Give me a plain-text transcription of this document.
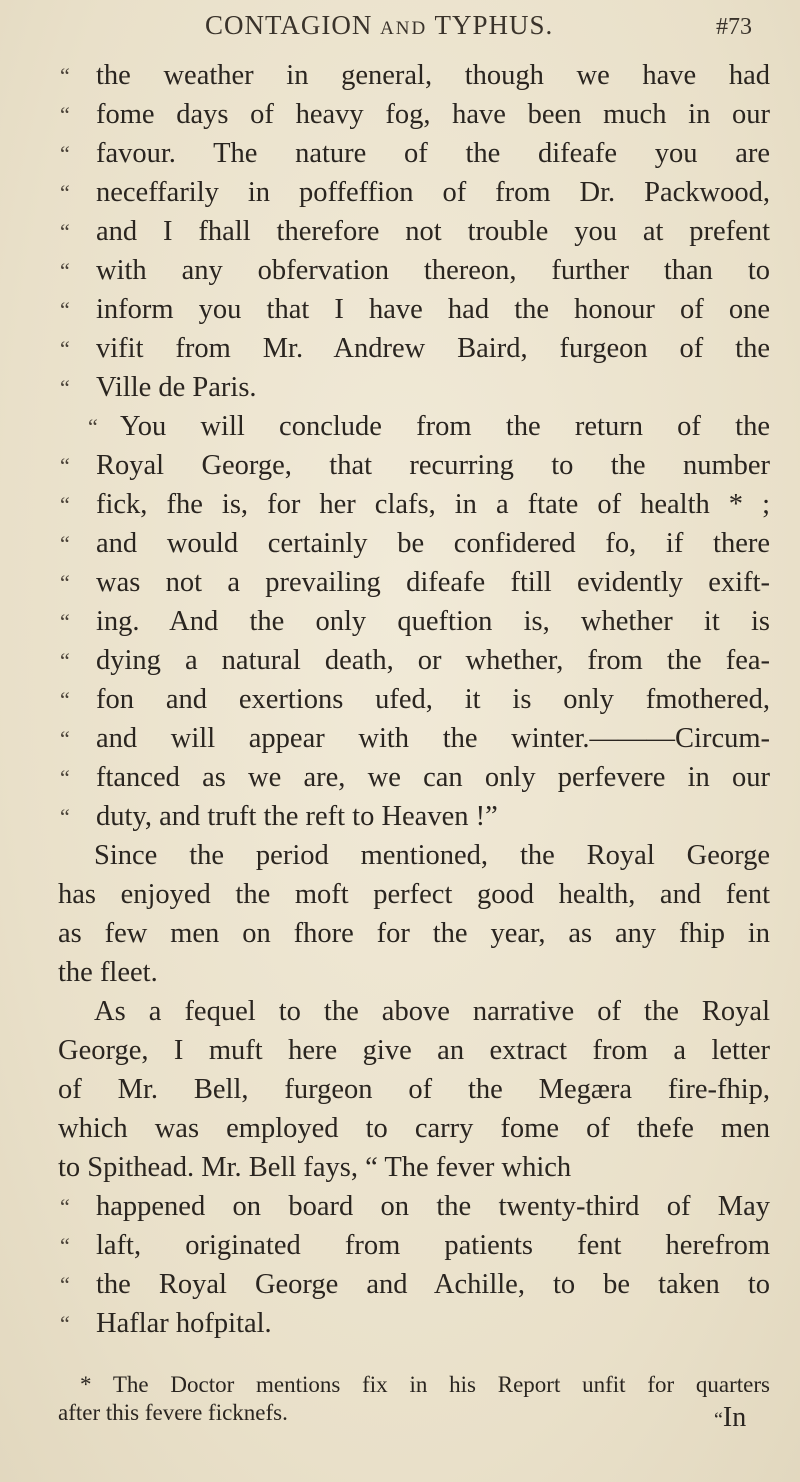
CONTAGION AND TYPHUS.	#73
“ the weather in general, though we have had
“ fome days of heavy fog, have been much in our
“ favour. The nature of the difeafe you are
“ neceffarily in poffeffion of from Dr. Packwood,
“ and I fhall therefore not trouble you at prefent
“ with any obfervation thereon, further than to
“ inform you that I have had the honour of one
“ vifit from Mr. Andrew Baird, furgeon of the
“ Ville de Paris.
“ You will conclude from the return of the
“ Royal George, that recurring to the number
“ fick, fhe is, for her clafs, in a ftate of health * ;
“ and would certainly be confidered fo, if there
“ was not a prevailing difeafe ftill evidently exift-
“ ing. And the only queftion is, whether it is
“ dying a natural death, or whether, from the fea-
“ fon and exertions ufed, it is only fmothered,
“ and will appear with the winter.———Circum-
“ ftanced as we are, we can only perfevere in our
“ duty, and truft the reft to Heaven !”
Since the period mentioned, the Royal George
has enjoyed the moft perfect good health, and fent
as few men on fhore for the year, as any fhip in
the fleet.
As a fequel to the above narrative of the Royal
George, I muft here give an extract from a letter
of Mr. Bell, furgeon of the Megæra fire-fhip,
which was employed to carry fome of thefe men
to Spithead. Mr. Bell fays, “ The fever which
“ happened on board on the twenty-third of May
“ laft, originated from patients fent herefrom
“ the Royal George and Achille, to be taken to
“ Haflar hofpital.
* The Doctor mentions fix in his Report unfit for quarters
after this fevere ficknefs.
“	In
